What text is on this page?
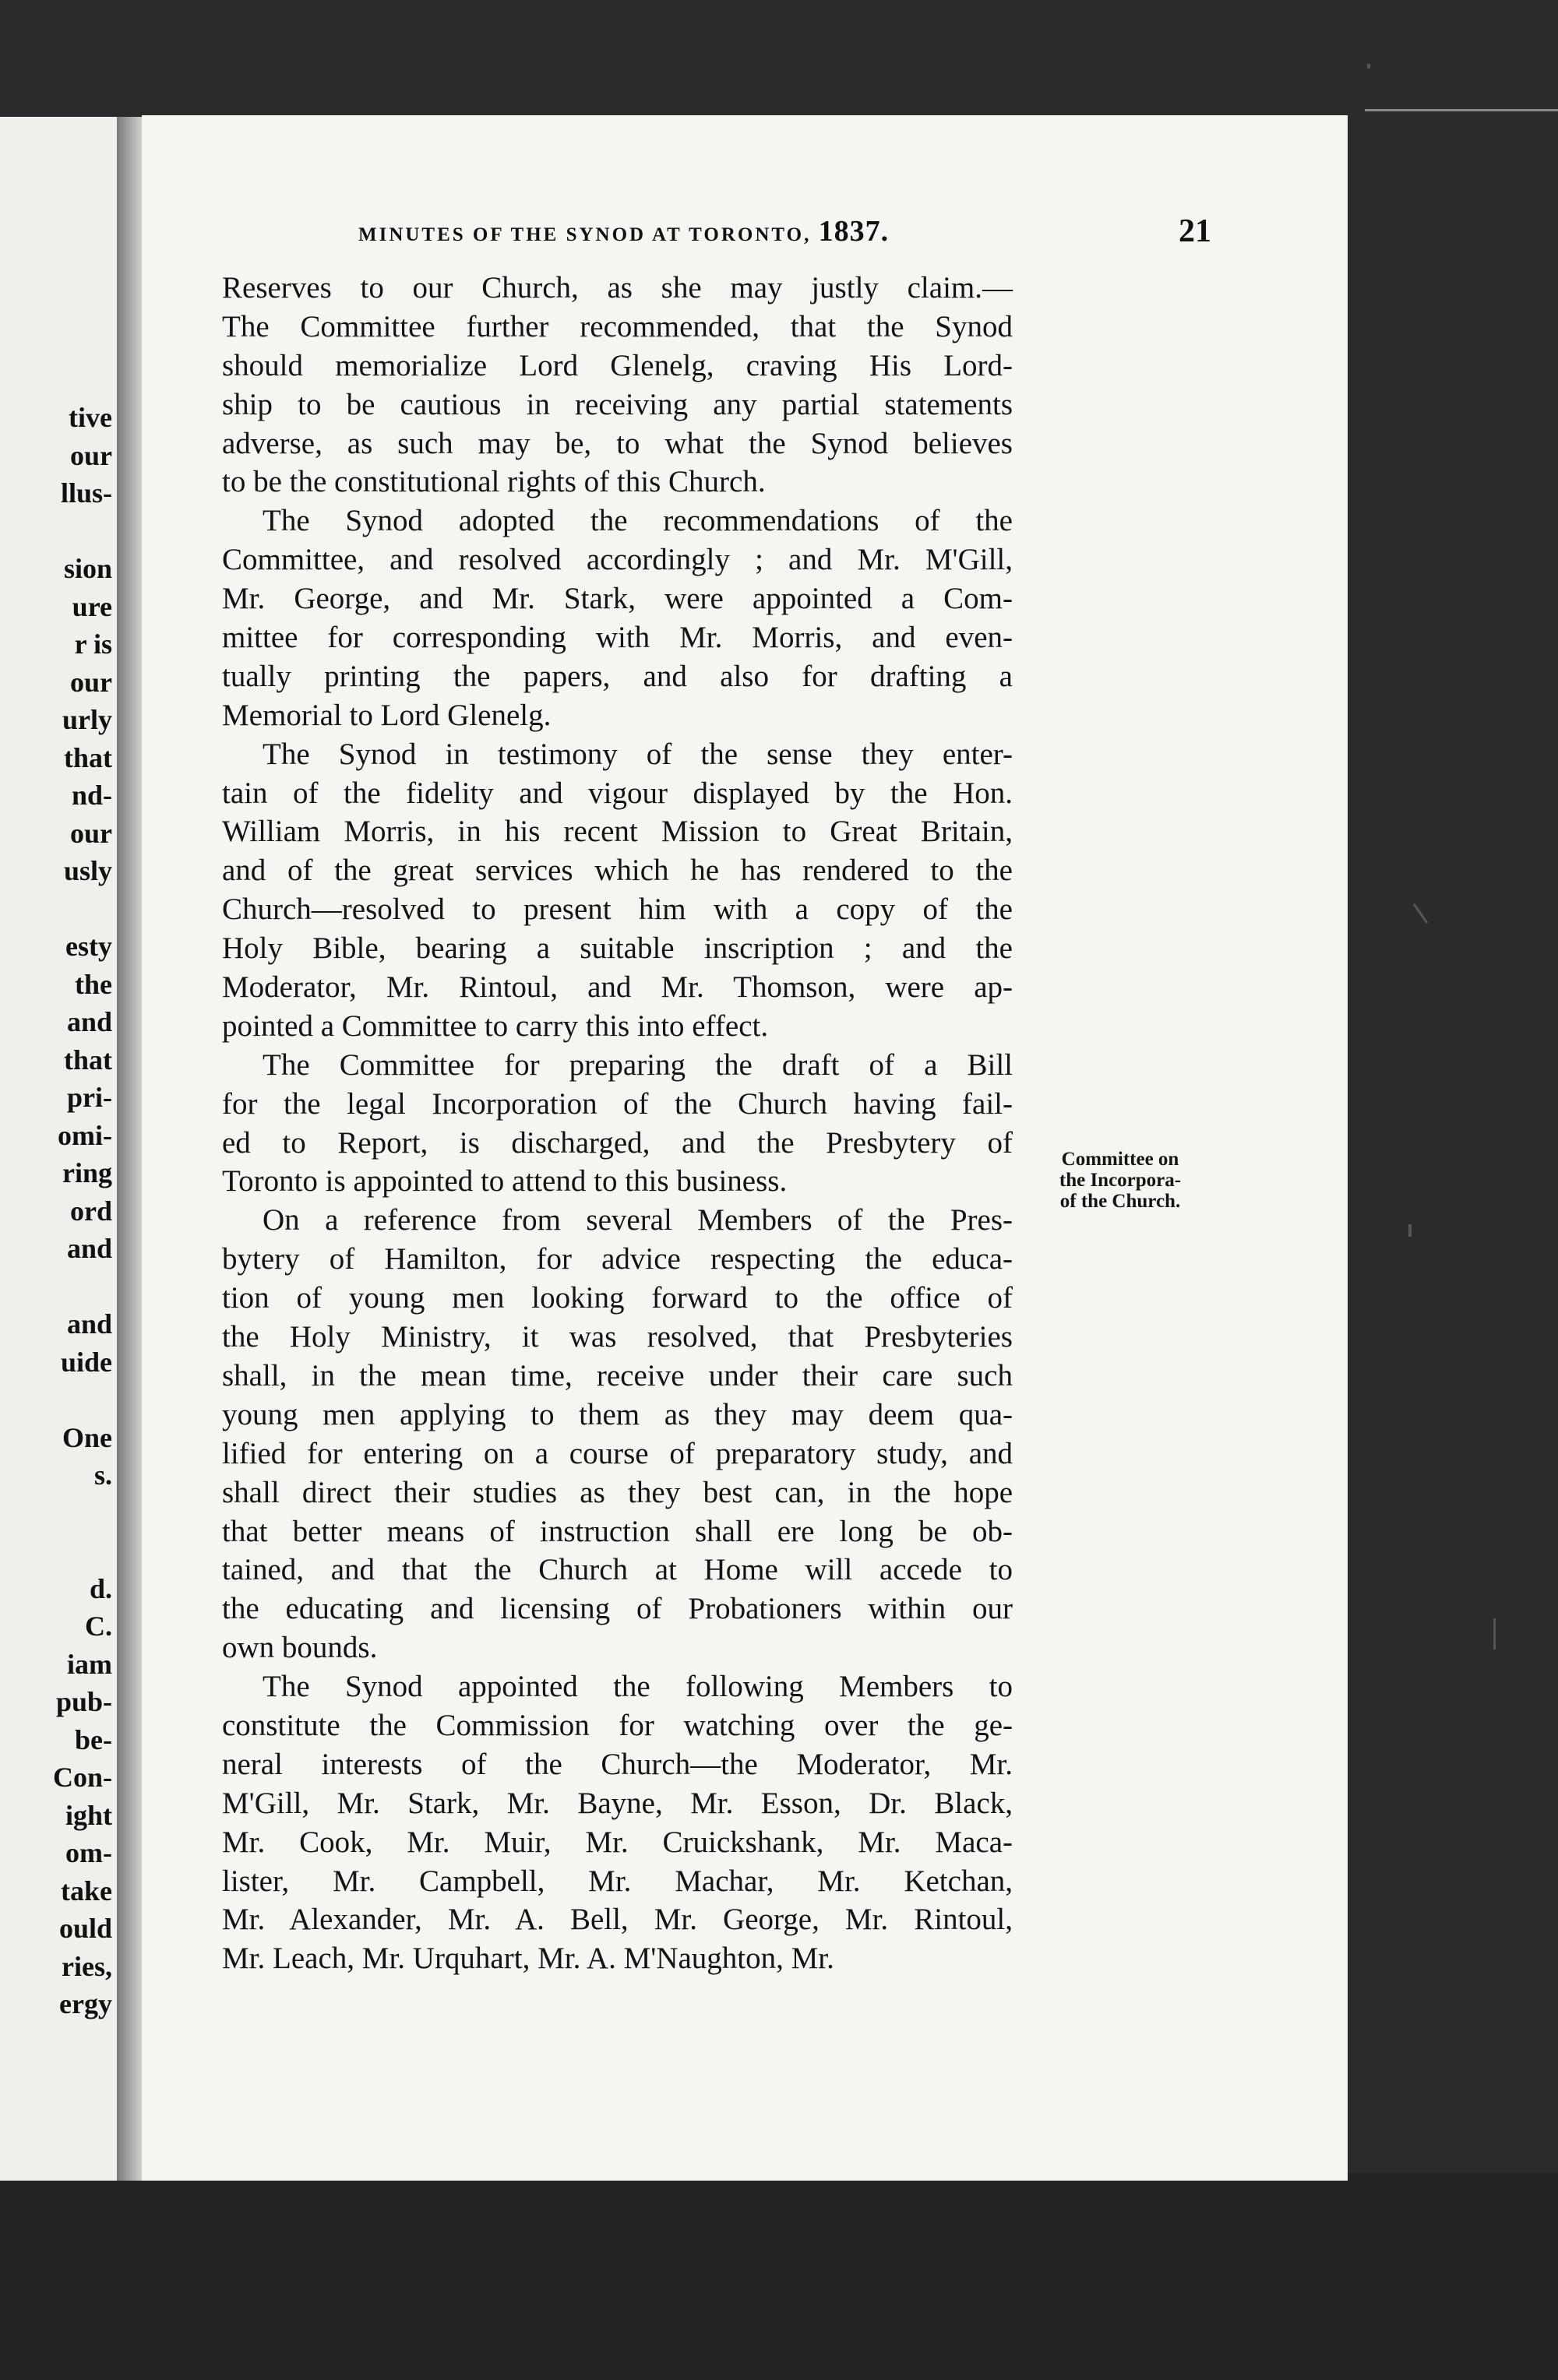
tive
our
llus-
sion
ure
r is
our
urly
that
nd-
our
usly
esty
the
and
that
pri-
omi-
ring
ord
and
and
uide
One
s.
d.
C.
iam
pub-
be-
Con-
ight
om-
take
ould
ries,
ergy
MINUTES OF THE SYNOD AT TORONTO, 1837.	21
Reserves to our Church, as she may justly claim.—
The Committee further recommended, that the Synod
should memorialize Lord Glenelg, craving His Lord-
ship to be cautious in receiving any partial statements
adverse, as such may be, to what the Synod believes
to be the constitutional rights of this Church.
The Synod adopted the recommendations of the
Committee, and resolved accordingly ; and Mr. M'Gill,
Mr. George, and Mr. Stark, were appointed a Com-
mittee for corresponding with Mr. Morris, and even-
tually printing the papers, and also for drafting a
Memorial to Lord Glenelg.
The Synod in testimony of the sense they enter-
tain of the fidelity and vigour displayed by the Hon.
William Morris, in his recent Mission to Great Britain,
and of the great services which he has rendered to the
Church—resolved to present him with a copy of the
Holy Bible, bearing a suitable inscription ; and the
Moderator, Mr. Rintoul, and Mr. Thomson, were ap-
pointed a Committee to carry this into effect.
The Committee for preparing the draft of a Bill
for the legal Incorporation of the Church having fail-
ed to Report, is discharged, and the Presbytery of
Toronto is appointed to attend to this business.
On a reference from several Members of the Pres-
bytery of Hamilton, for advice respecting the educa-
tion of young men looking forward to the office of
the Holy Ministry, it was resolved, that Presbyteries
shall, in the mean time, receive under their care such
young men applying to them as they may deem qua-
lified for entering on a course of preparatory study, and
shall direct their studies as they best can, in the hope
that better means of instruction shall ere long be ob-
tained, and that the Church at Home will accede to
the educating and licensing of Probationers within our
own bounds.
The Synod appointed the following Members to
constitute the Commission for watching over the ge-
neral interests of the Church—the Moderator, Mr.
M'Gill, Mr. Stark, Mr. Bayne, Mr. Esson, Dr. Black,
Mr. Cook, Mr. Muir, Mr. Cruickshank, Mr. Maca-
lister, Mr. Campbell, Mr. Machar, Mr. Ketchan,
Mr. Alexander, Mr. A. Bell, Mr. George, Mr. Rintoul,
Mr. Leach, Mr. Urquhart, Mr. A. M'Naughton, Mr.
Committee on
the Incorpora-
of the Church.
